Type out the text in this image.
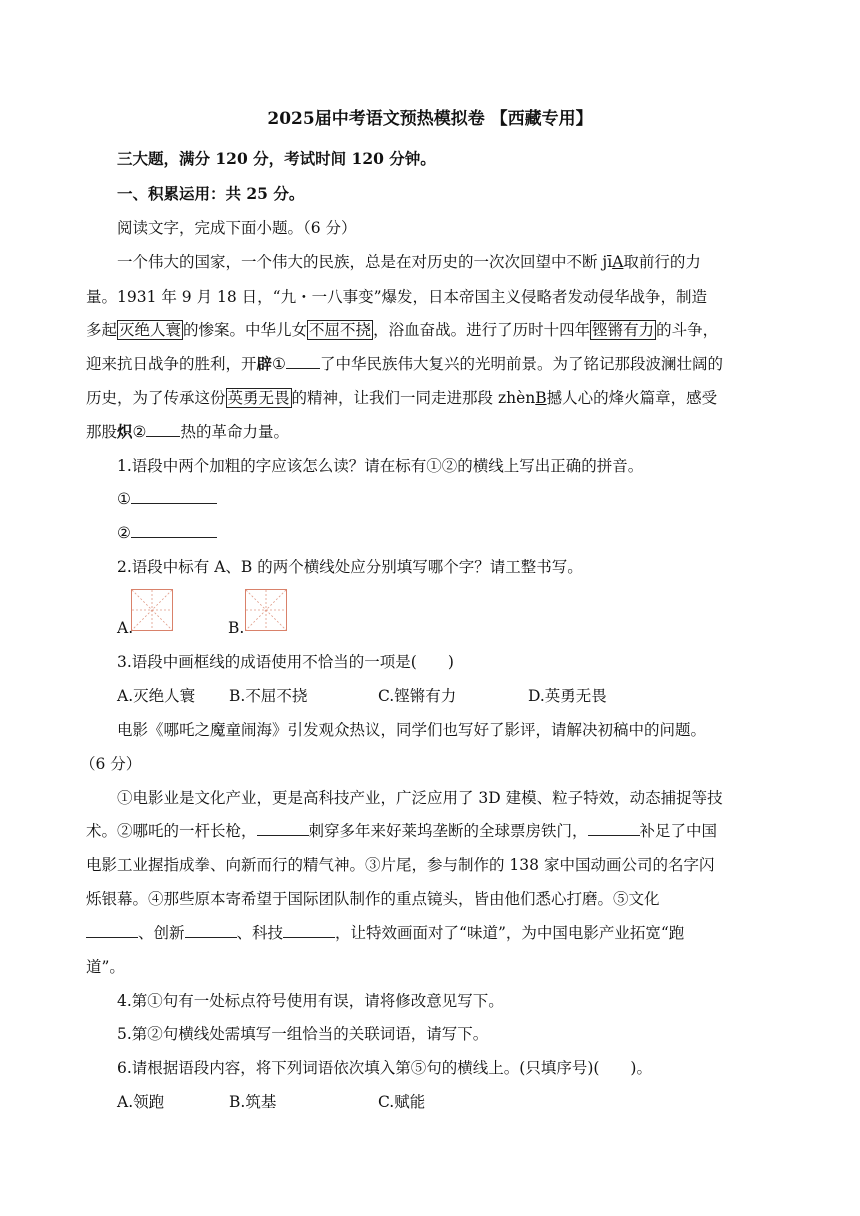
2025届中考语文预热模拟卷 【西藏专用】
三大题，满分 120 分，考试时间 120 分钟。
一、积累运用：共 25 分。
阅读文字，完成下面小题。（6 分）
一个伟大的国家，一个伟大的民族，总是在对历史的一次次回望中不断 jīA取前行的力
量。1931 年 9 月 18 日，“九・一八事变”爆发，日本帝国主义侵略者发动侵华战争，制造
多起 灭绝人寰 的惨案。中华儿女 不屈不挠 ，浴血奋战。进行了历时十四年 铿锵有力 的斗争，
迎来抗日战争的胜利，开辟① 了中华民族伟大复兴的光明前景。为了铭记那段波澜壮阔的
历史，为了传承这份 英勇无畏 的精神，让我们一同走进那段 zhènB撼人心的烽火篇章，感受
那股炽② 热的革命力量。
1.语段中两个加粗的字应该怎么读？请在标有①②的横线上写出正确的拼音。
①
②
2.语段中标有 A、B 的两个横线处应分别填写哪个字？请工整书写。
A.	B.
3.语段中画框线的成语使用不恰当的一项是(　　)
A.灭绝人寰 B.不屈不挠	C.铿锵有力	D.英勇无畏
电影《哪吒之魔童闹海》引发观众热议，同学们也写好了影评，请解决初稿中的问题。
（6 分）
①电影业是文化产业，更是高科技产业，广泛应用了 3D 建模、粒子特效，动态捕捉等技
术。②哪吒的一杆长枪，	刺穿多年来好莱坞垄断的全球票房铁门，	补足了中国
电影工业握指成拳、向新而行的精气神。③片尾，参与制作的 138 家中国动画公司的名字闪
烁银幕。④那些原本寄希望于国际团队制作的重点镜头，皆由他们悉心打磨。⑤文化
、创新	、科技	，让特效画面对了“味道”，为中国电影产业拓宽“跑
道”。
4.第①句有一处标点符号使用有误，请将修改意见写下。
5.第②句横线处需填写一组恰当的关联词语，请写下。
6.请根据语段内容，将下列词语依次填入第⑤句的横线上。(只填序号)(　　)。
A.领跑	B.筑基	C.赋能
